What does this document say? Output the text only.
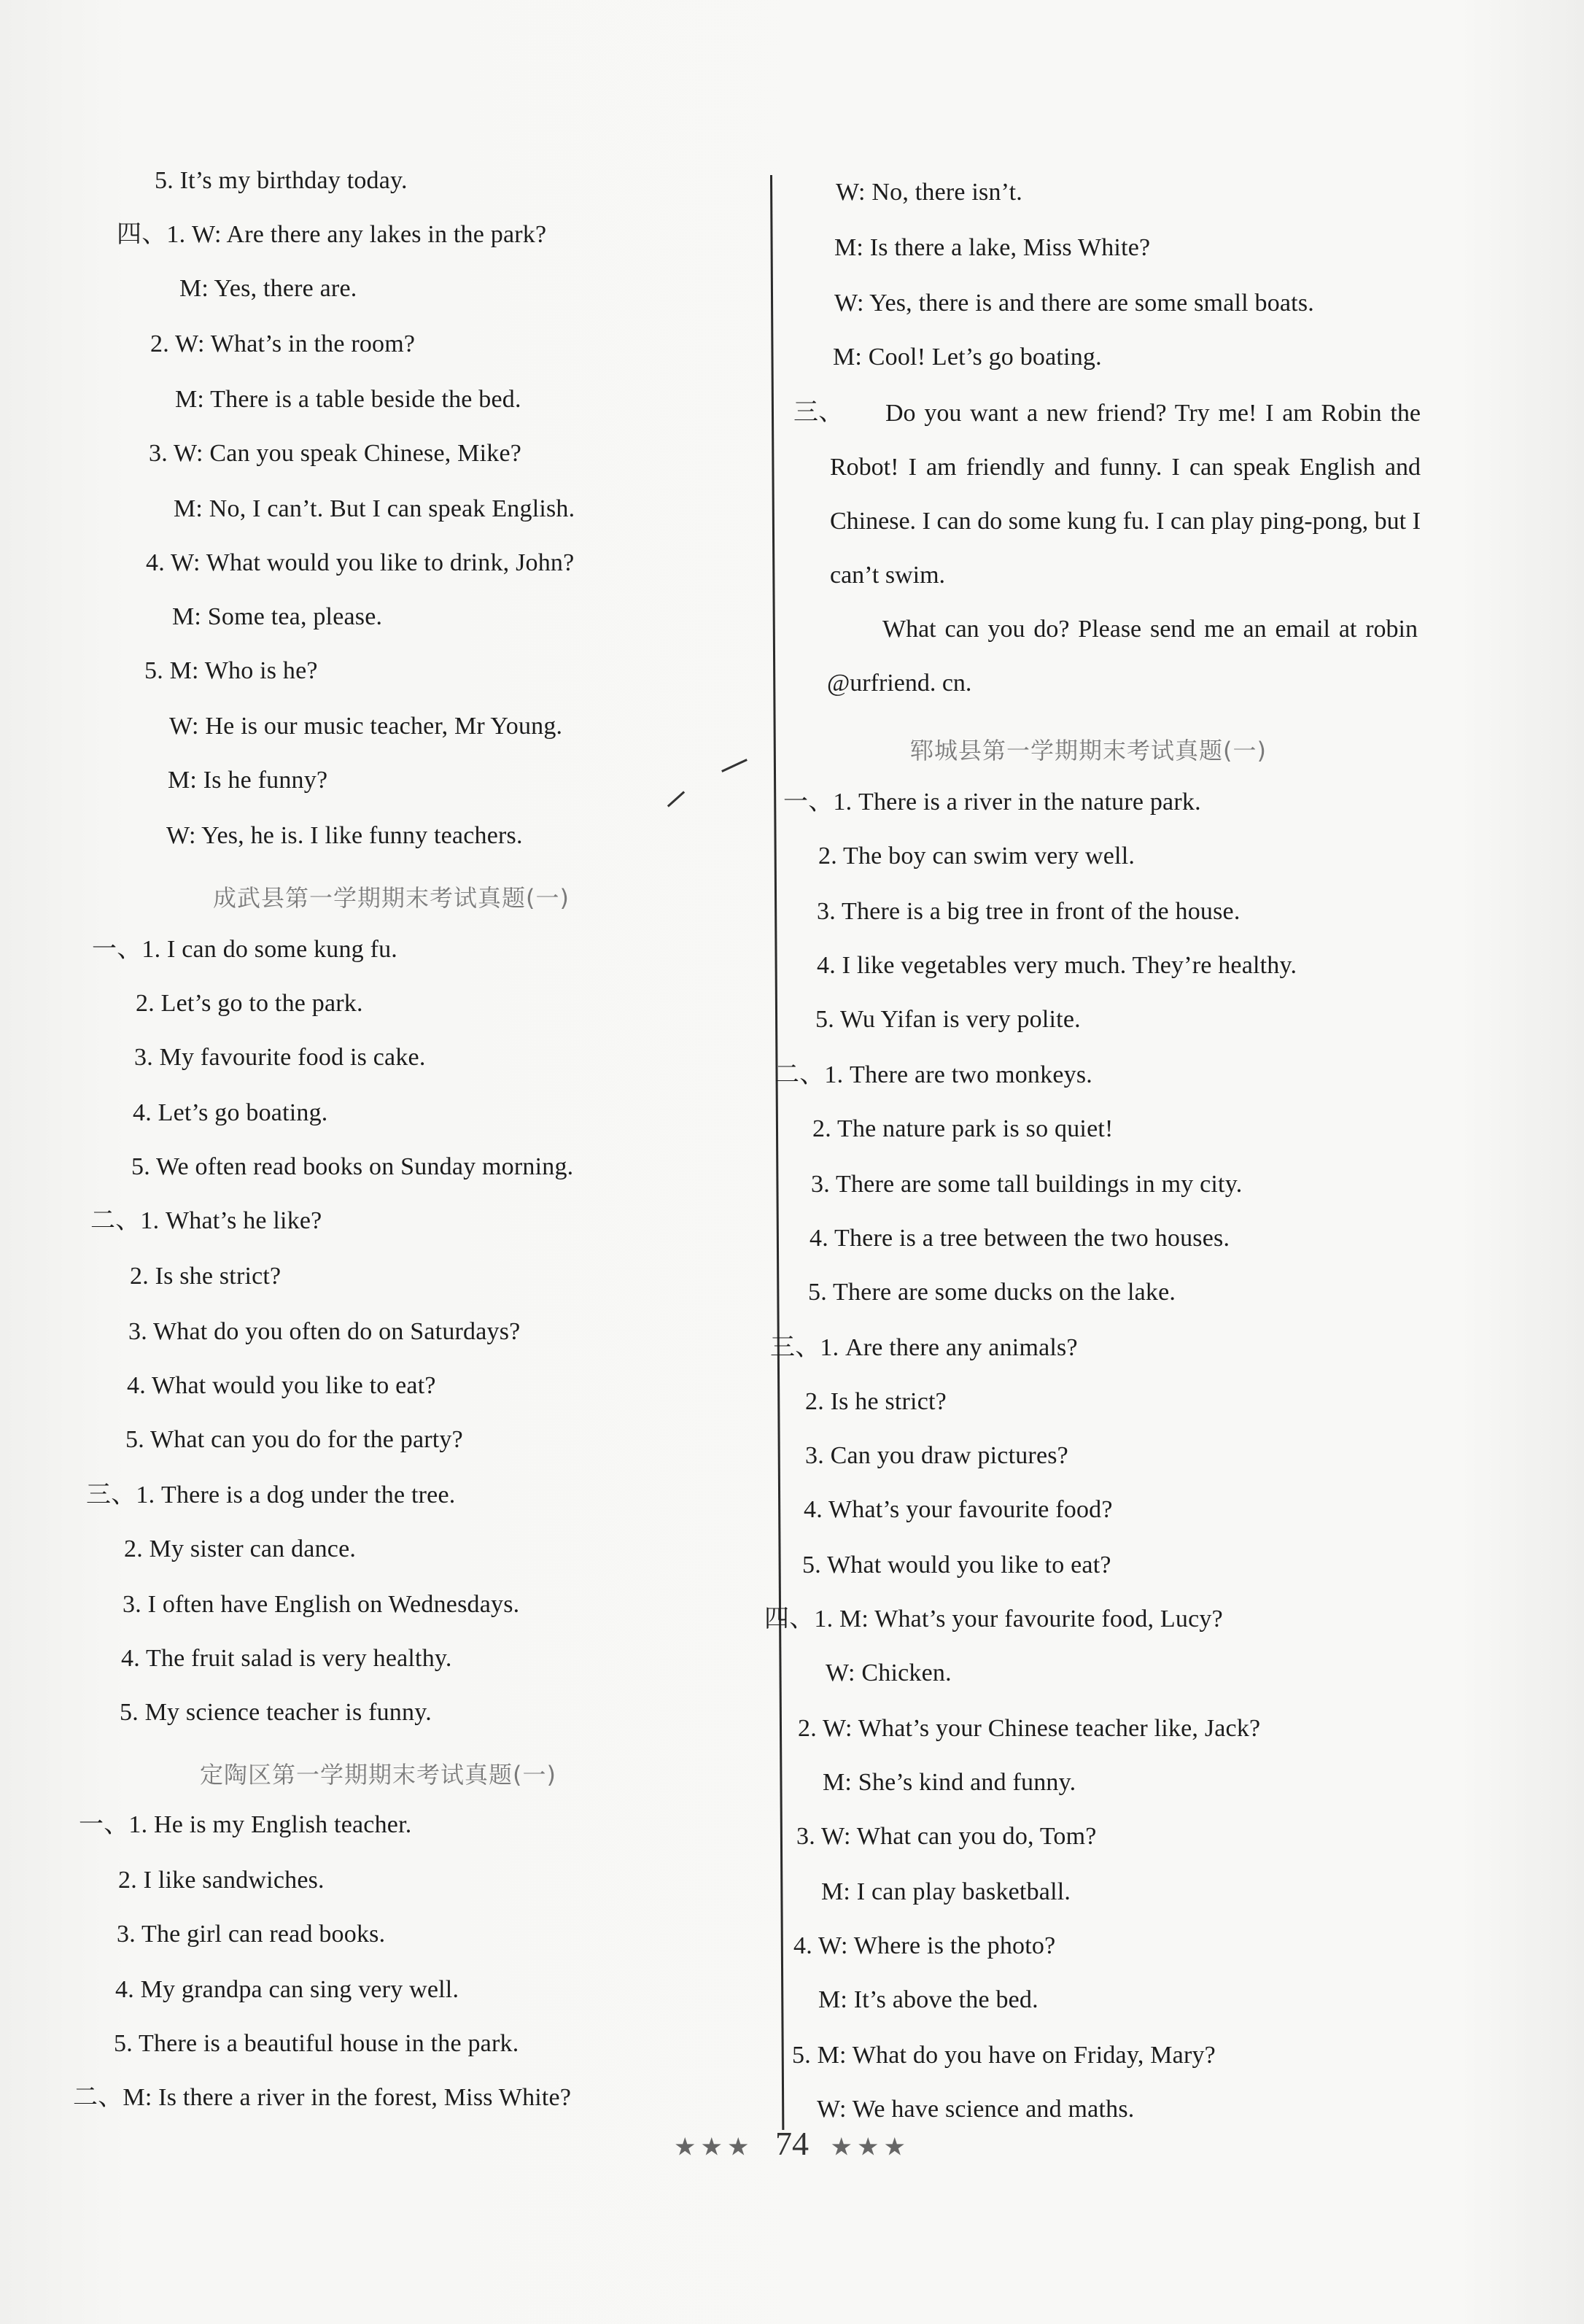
5. It’s my birthday today.
四、1. W: Are there any lakes in the park?
M: Yes, there are.
2. W: What’s in the room?
M: There is a table beside the bed.
3. W: Can you speak Chinese, Mike?
M: No, I can’t. But I can speak English.
4. W: What would you like to drink, John?
M: Some tea, please.
5. M: Who is he?
W: He is our music teacher, Mr Young.
M: Is he funny?
W: Yes, he is. I like funny teachers.
成武县第一学期期末考试真题(一)
一、1. I can do some kung fu.
2. Let’s go to the park.
3. My favourite food is cake.
4. Let’s go boating.
5. We often read books on Sunday morning.
二、1. What’s he like?
2. Is she strict?
3. What do you often do on Saturdays?
4. What would you like to eat?
5. What can you do for the party?
三、1. There is a dog under the tree.
2. My sister can dance.
3. I often have English on Wednesdays.
4. The fruit salad is very healthy.
5. My science teacher is funny.
定陶区第一学期期末考试真题(一)
一、1. He is my English teacher.
2. I like sandwiches.
3. The girl can read books.
4. My grandpa can sing very well.
5. There is a beautiful house in the park.
二、M: Is there a river in the forest, Miss White?
W: No, there isn’t.
M: Is there a lake, Miss White?
W: Yes, there is and there are some small boats.
M: Cool! Let’s go boating.
三、	Do you want a new friend? Try me! I am Robin the Robot! I am friendly and funny. I can speak English and Chinese. I can do some kung fu. I can play ping-pong, but I can’t swim.
What can you do? Please send me an email at robin @urfriend. cn.
郓城县第一学期期末考试真题(一)
一、1. There is a river in the nature park.
2. The boy can swim very well.
3. There is a big tree in front of the house.
4. I like vegetables very much. They’re healthy.
5. Wu Yifan is very polite.
二、1. There are two monkeys.
2. The nature park is so quiet!
3. There are some tall buildings in my city.
4. There is a tree between the two houses.
5. There are some ducks on the lake.
三、1. Are there any animals?
2. Is he strict?
3. Can you draw pictures?
4. What’s your favourite food?
5. What would you like to eat?
四、1. M: What’s your favourite food, Lucy?
W: Chicken.
2. W: What’s your Chinese teacher like, Jack?
M: She’s kind and funny.
3. W: What can you do, Tom?
M: I can play basketball.
4. W: Where is the photo?
M: It’s above the bed.
5. M: What do you have on Friday, Mary?
W: We have science and maths.
★★★ 74 ★★★
